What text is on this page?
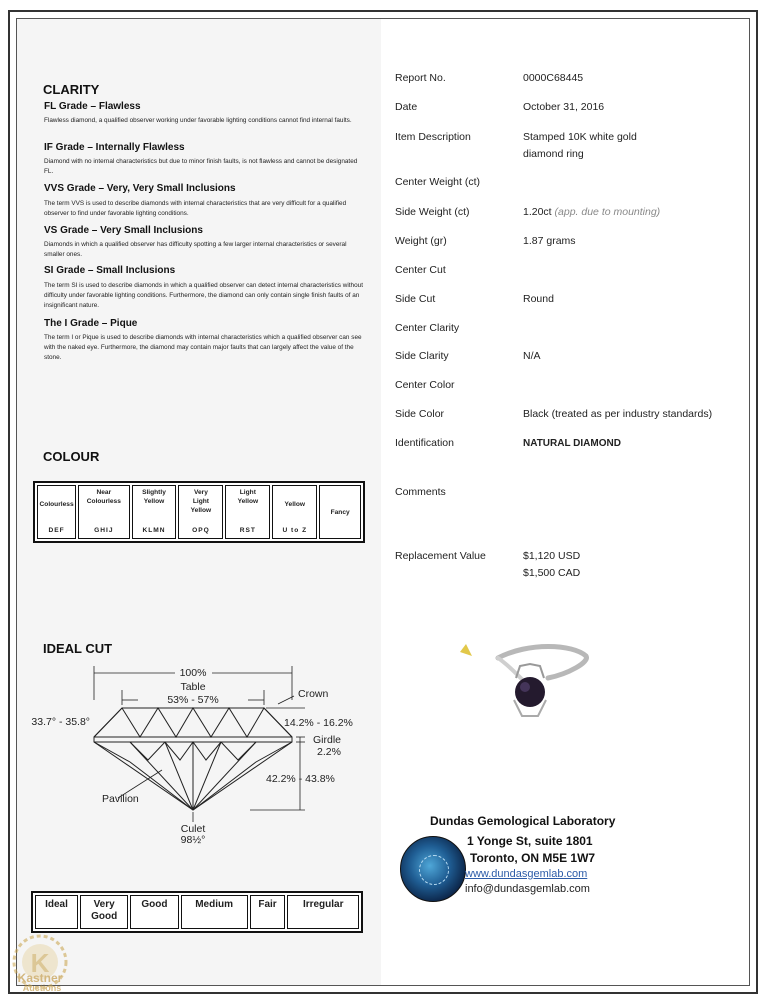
CLARITY
FL Grade – Flawless
Flawless diamond, a qualified observer working under favorable lighting conditions cannot find internal faults.
IF Grade – Internally Flawless
Diamond with no internal characteristics but due to minor finish faults, is not flawless and cannot be designated FL.
VVS Grade – Very, Very Small Inclusions
The term VVS is used to describe diamonds with internal characteristics that are very difficult for a qualified observer to find under favorable lighting conditions.
VS Grade – Very Small Inclusions
Diamonds in which a qualified observer has difficulty spotting a few larger internal characteristics or several smaller ones.
SI Grade – Small Inclusions
The term SI is used to describe diamonds in which a qualified observer can detect internal characteristics without difficulty under favorable lighting conditions. Furthermore, the diamond can only contain single finish faults of an insignificant nature.
The I Grade – Pique
The term I or Pique is used to describe diamonds with internal characteristics which a qualified observer can see with the naked eye. Furthermore, the diamond may contain major faults that can largely affect the value of the stone.
COLOUR
Colourless
DEF

Near
Colourless
GHIJ

Slightly
Yellow
KLMN

Very
Light
Yellow
OPQ

Light
Yellow
RST

Yellow
U to Z

Fancy
IDEAL CUT
100%
Table
53% - 57%	Crown
33.7° - 35.8°	14.2% - 16.2%
Girdle
2.2%
42.2% - 43.8%
Pavilion
Culet
98½°
Ideal	Very
Good	Good	Medium	Fair	Irregular
Report No.	0000C68445
Date	October 31, 2016
Item Description	Stamped 10K white gold
diamond ring
Center Weight (ct)
Side Weight (ct)	1.20ct (app. due to mounting)
Weight (gr)	1.87 grams
Center Cut
Side Cut	Round
Center Clarity
Side Clarity	N/A
Center Color
Side Color	Black (treated as per industry standards)
Identification	NATURAL DIAMOND
Comments
Replacement Value	$1,120 USD
$1,500 CAD
Dundas Gemological Laboratory
1 Yonge St, suite 1801
Toronto, ON M5E 1W7
www.dundasgemlab.com
info@dundasgemlab.com
K
Kastner
Auctions
